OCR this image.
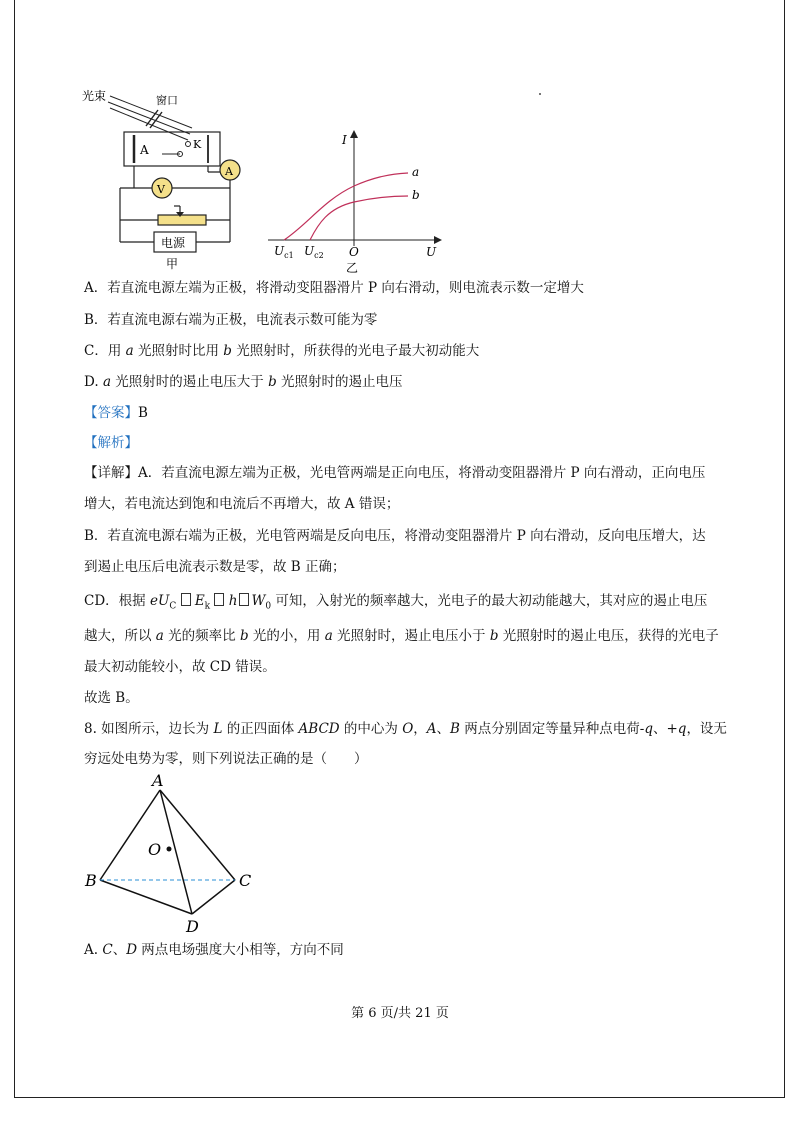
光束	窗口
A	K
A
V
电源
甲
I
U
O
a
b
$U_{c1}$ $U_{c2}$
乙
A．若直流电源左端为正极，将滑动变阻器滑片 P 向右滑动，则电流表示数一定增大
B．若直流电源右端为正极，电流表示数可能为零
C．用 a 光照射时比用 b 光照射时，所获得的光电子最大初动能大
D. a 光照射时的遏止电压大于 b 光照射时的遏止电压
【答案】B
【解析】
【详解】A．若直流电源左端为正极，光电管两端是正向电压，将滑动变阻器滑片 P 向右滑动，正向电压
增大，若电流达到饱和电流后不再增大，故 A 错误；
B．若直流电源右端为正极，光电管两端是反向电压，将滑动变阻器滑片 P 向右滑动，反向电压增大，达
到遏止电压后电流表示数是零，故 B 正确；
CD．根据 $eU_C$ $E_k$ h $W_0$ 可知，入射光的频率越大，光电子的最大初动能越大，其对应的遏止电压
越大，所以 a 光的频率比 b 光的小，用 a 光照射时，遏止电压小于 b 光照射时的遏止电压，获得的光电子
最大初动能较小，故 CD 错误。
故选 B。
8. 如图所示，边长为 L 的正四面体 ABCD 的中心为 O，A、B 两点分别固定等量异种点电荷-q、+q，设无
穷远处电势为零，则下列说法正确的是（　　）
A
B	C
D
O
A. C、D 两点电场强度大小相等，方向不同
第 6 页/共 21 页
